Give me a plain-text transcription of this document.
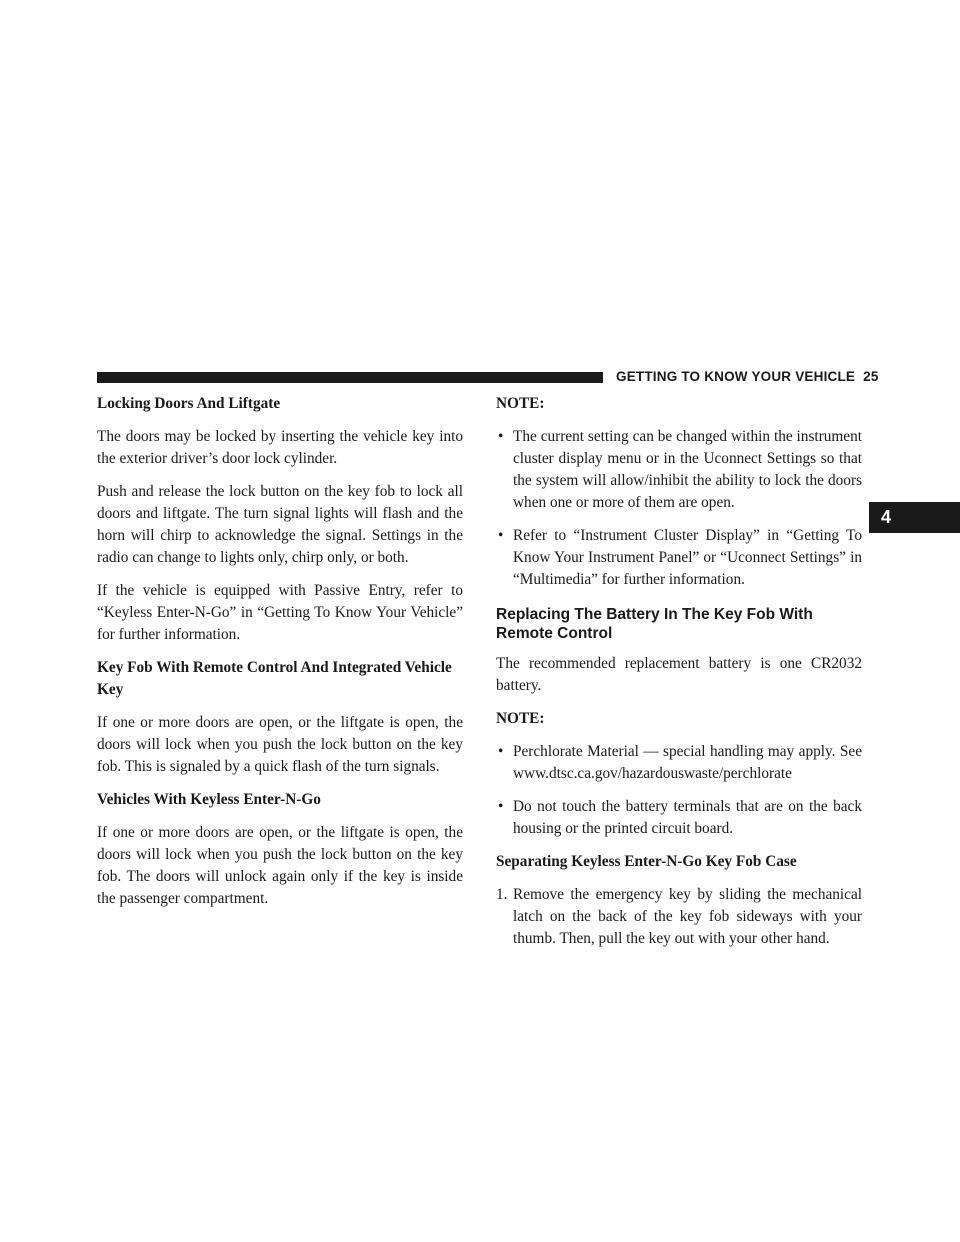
GETTING TO KNOW YOUR VEHICLE 25
4
Locking Doors And Liftgate

The doors may be locked by inserting the vehicle key into the exterior driver’s door lock cylinder.

Push and release the lock button on the key fob to lock all doors and liftgate. The turn signal lights will flash and the horn will chirp to acknowledge the signal. Settings in the radio can change to lights only, chirp only, or both.

If the vehicle is equipped with Passive Entry, refer to “Keyless Enter-N-Go” in “Getting To Know Your Vehicle” for further information.

Key Fob With Remote Control And Integrated Vehicle Key

If one or more doors are open, or the liftgate is open, the doors will lock when you push the lock button on the key fob. This is signaled by a quick flash of the turn signals.

Vehicles With Keyless Enter-N-Go

If one or more doors are open, or the liftgate is open, the doors will lock when you push the lock button on the key fob. The doors will unlock again only if the key is inside the passenger compartment.

NOTE:
• The current setting can be changed within the instrument cluster display menu or in the Uconnect Settings so that the system will allow/inhibit the ability to lock the doors when one or more of them are open.
• Refer to “Instrument Cluster Display” in “Getting To Know Your Instrument Panel” or “Uconnect Settings” in “Multimedia” for further information.
Replacing The Battery In The Key Fob With Remote Control

The recommended replacement battery is one CR2032 battery.

NOTE:
• Perchlorate Material — special handling may apply. See www.dtsc.ca.gov/hazardouswaste/perchlorate
• Do not touch the battery terminals that are on the back housing or the printed circuit board.
Separating Keyless Enter-N-Go Key Fob Case
1. Remove the emergency key by sliding the mechanical latch on the back of the key fob sideways with your thumb. Then, pull the key out with your other hand.
